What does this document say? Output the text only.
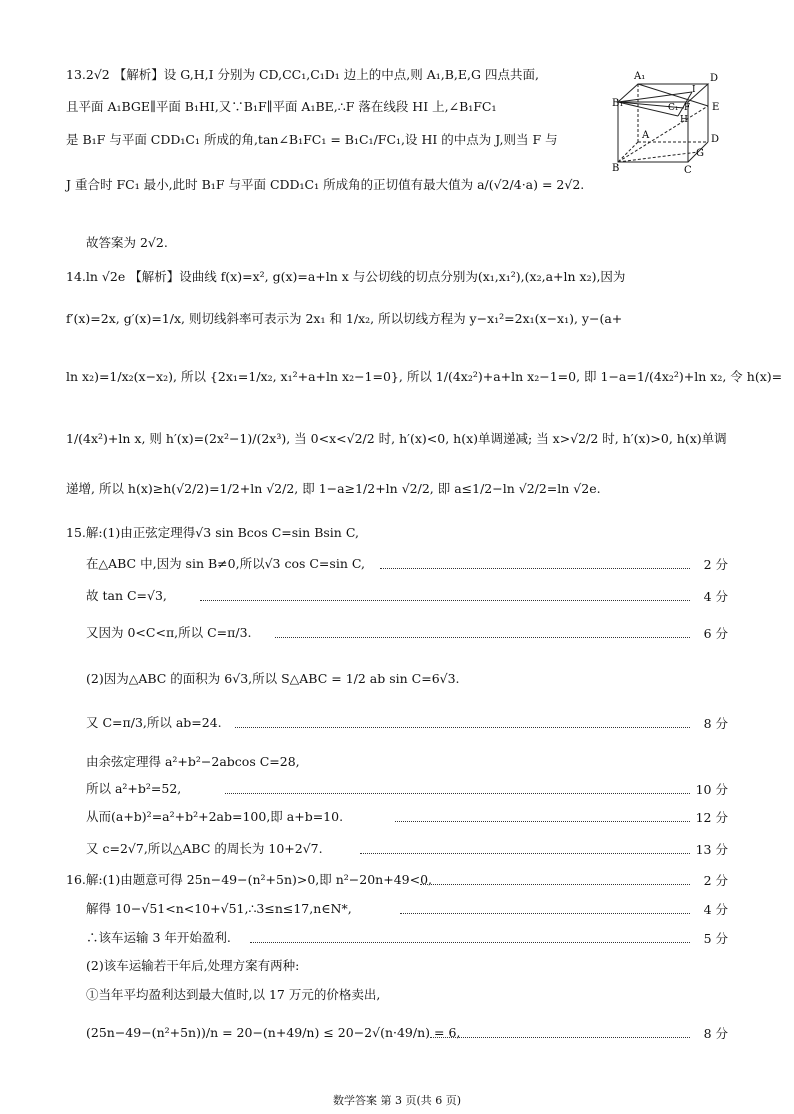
13.2√2 【解析】设 G,H,I 分别为 CD,CC₁,C₁D₁ 边上的中点,则 A₁,B,E,G 四点共面,
且平面 A₁BGE∥平面 B₁HI,又∵B₁F∥平面 A₁BE,∴F 落在线段 HI 上,∠B₁FC₁
是 B₁F 与平面 CDD₁C₁ 所成的角,tan∠B₁FC₁ = B₁C₁/FC₁,设 HI 的中点为 J,则当 F 与
J 重合时 FC₁ 最小,此时 B₁F 与平面 CDD₁C₁ 所成角的正切值有最大值为 a/(√2/4·a) = 2√2.
故答案为 2√2.
A₁	D
I
B₁	C₁ F E
H
A	D
G
B	C
14.ln √2e 【解析】设曲线 f(x)=x², g(x)=a+ln x 与公切线的切点分别为(x₁,x₁²),(x₂,a+ln x₂),因为
f′(x)=2x, g′(x)=1/x, 则切线斜率可表示为 2x₁ 和 1/x₂, 所以切线方程为 y−x₁²=2x₁(x−x₁), y−(a+
ln x₂)=1/x₂(x−x₂), 所以 {2x₁=1/x₂, x₁²+a+ln x₂−1=0}, 所以 1/(4x₂²)+a+ln x₂−1=0, 即 1−a=1/(4x₂²)+ln x₂, 令 h(x)=
1/(4x²)+ln x, 则 h′(x)=(2x²−1)/(2x³), 当 0<x<√2/2 时, h′(x)<0, h(x)单调递减; 当 x>√2/2 时, h′(x)>0, h(x)单调
递增, 所以 h(x)≥h(√2/2)=1/2+ln √2/2, 即 1−a≥1/2+ln √2/2, 即 a≤1/2−ln √2/2=ln √2e.
15.解:(1)由正弦定理得√3 sin Bcos C=sin Bsin C,
在△ABC 中,因为 sin B≠0,所以√3 cos C=sin C,	2 分
故 tan C=√3,	4 分
又因为 0<C<π,所以 C=π/3.	6 分
(2)因为△ABC 的面积为 6√3,所以 S△ABC = 1/2 ab sin C=6√3.
又 C=π/3,所以 ab=24.	8 分
由余弦定理得 a²+b²−2abcos C=28,
所以 a²+b²=52,	10 分
从而(a+b)²=a²+b²+2ab=100,即 a+b=10.	12 分
又 c=2√7,所以△ABC 的周长为 10+2√7.	13 分
16.解:(1)由题意可得 25n−49−(n²+5n)>0,即 n²−20n+49<0,	2 分
解得 10−√51<n<10+√51,∴3≤n≤17,n∈N*,	4 分
∴该车运输 3 年开始盈利.	5 分
(2)该车运输若干年后,处理方案有两种:
①当年平均盈利达到最大值时,以 17 万元的价格卖出,
(25n−49−(n²+5n))/n = 20−(n+49/n) ≤ 20−2√(n·49/n) = 6,	8 分
数学答案 第 3 页(共 6 页)
